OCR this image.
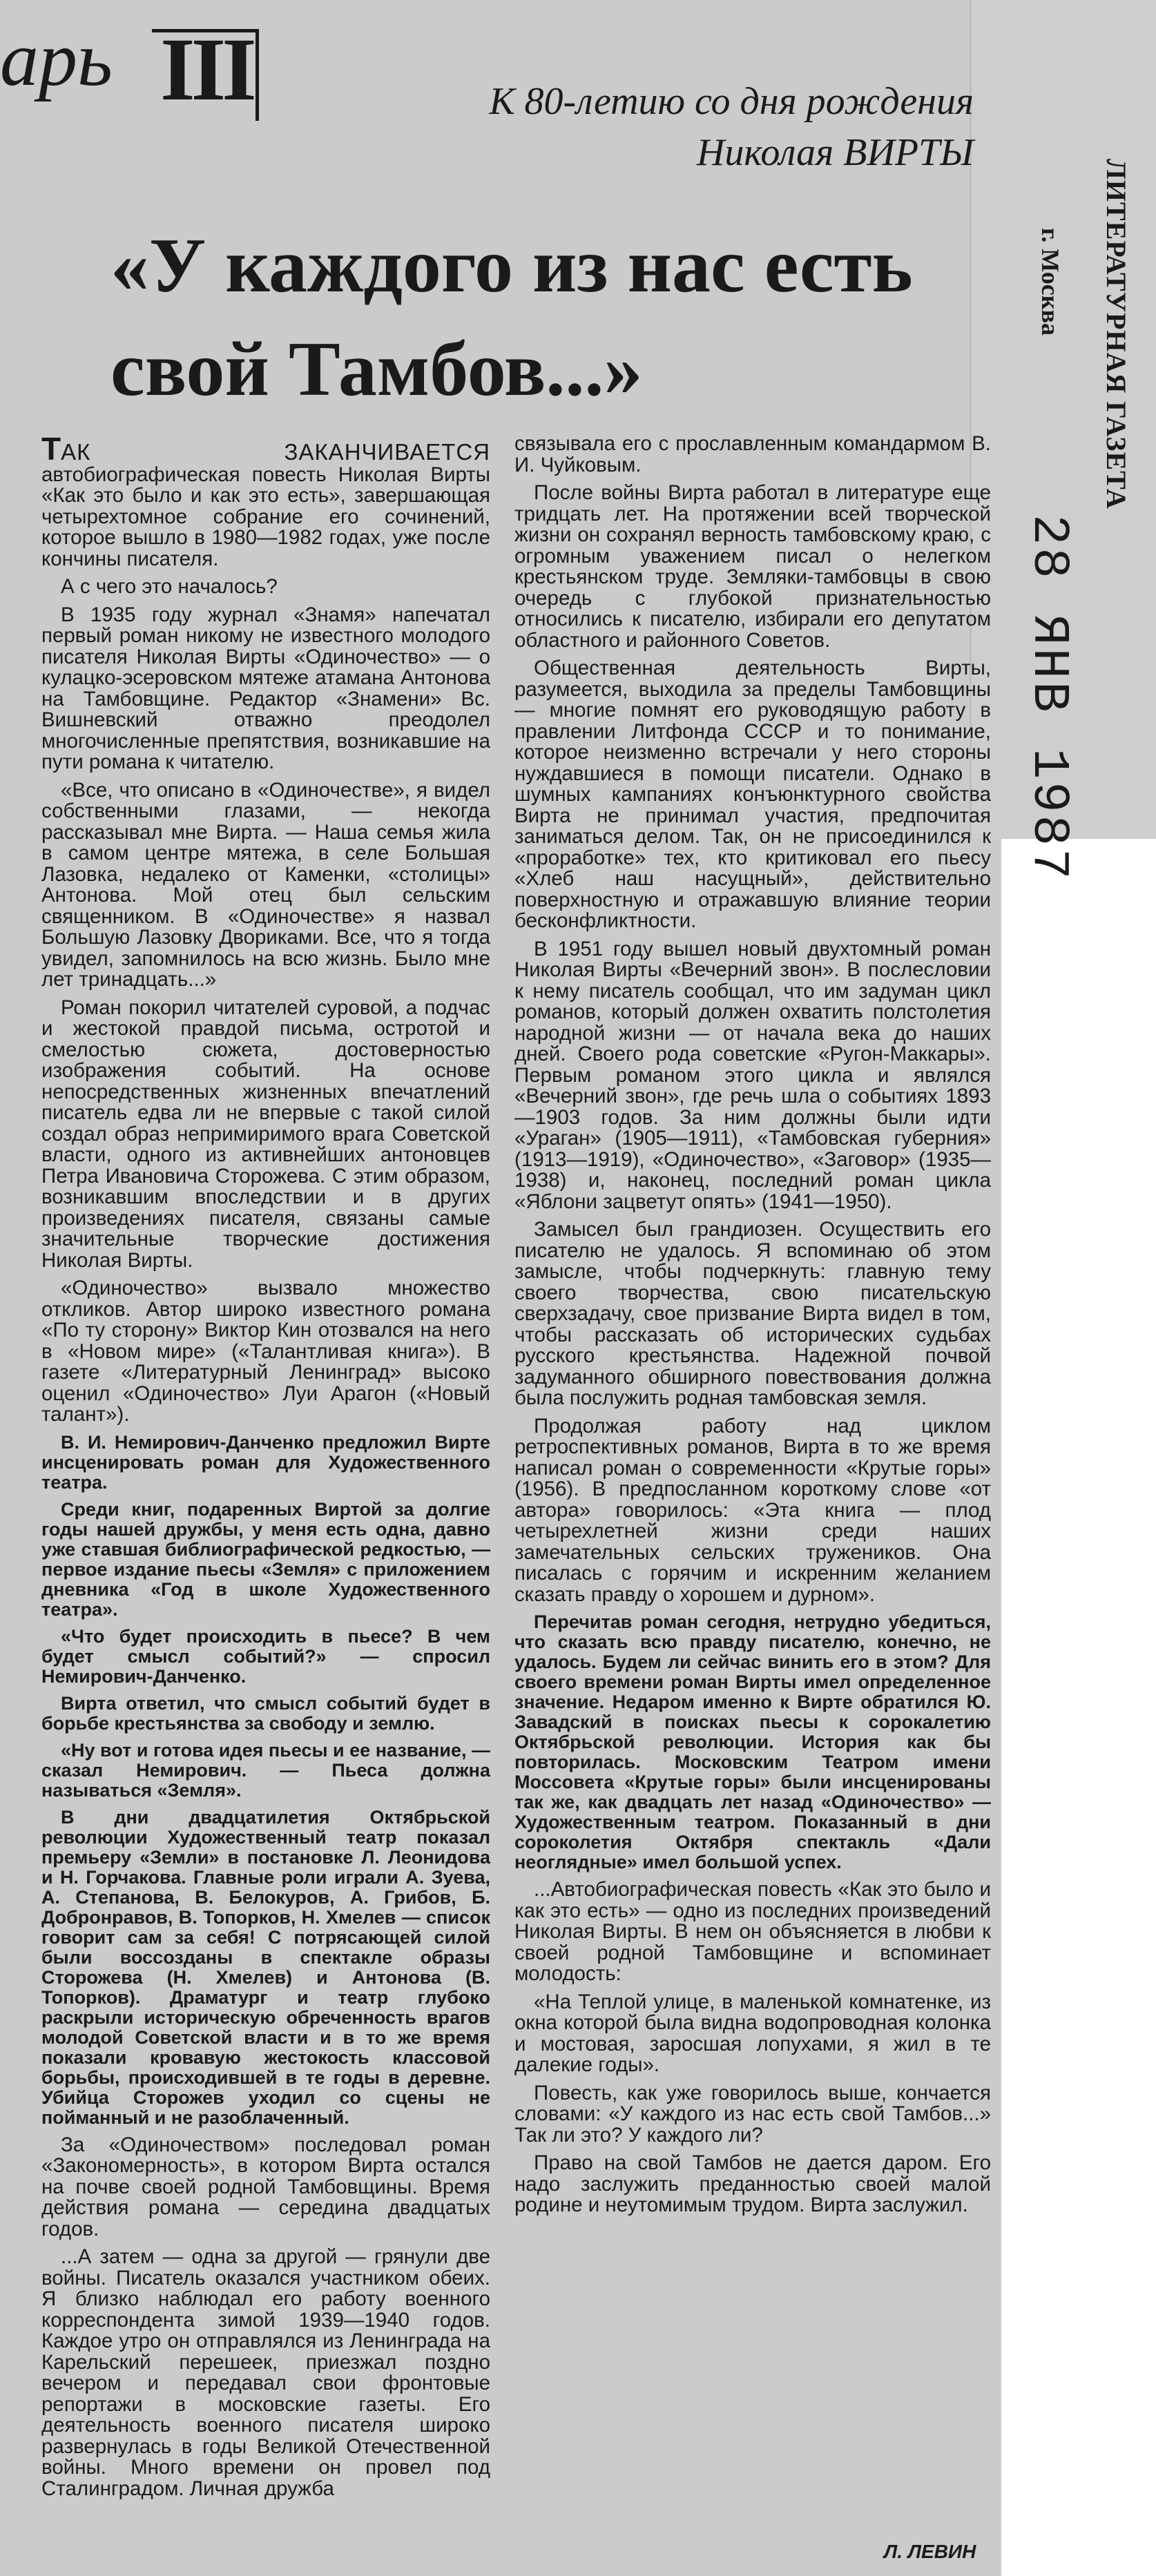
ЛИТЕРАТУРНАЯ ГАЗЕТА
г. Москва
28 ЯНВ 1987
арь III	К 80-летию со дня рождения Николая ВИРТЫ
«У каждого из нас есть свой Тамбов...»

ТАК ЗАКАНЧИВАЕТСЯ автобиографическая повесть Николая Вирты «Как это было и как это есть», завершающая четырехтомное собрание его сочинений, которое вышло в 1980—1982 годах, уже после кончины писателя.

А с чего это началось?

В 1935 году журнал «Знамя» напечатал первый роман никому не известного молодого писателя Николая Вирты «Одиночество» — о кулацко-эсеровском мятеже атамана Антонова на Тамбовщине. Редактор «Знамени» Вс. Вишневский отважно преодолел многочисленные препятствия, возникавшие на пути романа к читателю.

«Все, что описано в «Одиночестве», я видел собственными глазами, — некогда рассказывал мне Вирта. — Наша семья жила в самом центре мятежа, в селе Большая Лазовка, недалеко от Каменки, «столицы» Антонова. Мой отец был сельским священником. В «Одиночестве» я назвал Большую Лазовку Двориками. Все, что я тогда увидел, запомнилось на всю жизнь. Было мне лет тринадцать...»

Роман покорил читателей суровой, а подчас и жестокой правдой письма, остротой и смелостью сюжета, достоверностью изображения событий. На основе непосредственных жизненных впечатлений писатель едва ли не впервые с такой силой создал образ непримиримого врага Советской власти, одного из активнейших антоновцев Петра Ивановича Сторожева. С этим образом, возникавшим впоследствии и в других произведениях писателя, связаны самые значительные творческие достижения Николая Вирты.

«Одиночество» вызвало множество откликов. Автор широко известного романа «По ту сторону» Виктор Кин отозвался на него в «Новом мире» («Талантливая книга»). В газете «Литературный Ленинград» высоко оценил «Одиночество» Луи Арагон («Новый талант»).

В. И. Немирович-Данченко предложил Вирте инсценировать роман для Художественного театра.

Среди книг, подаренных Виртой за долгие годы нашей дружбы, у меня есть одна, давно уже ставшая библиографической редкостью, — первое издание пьесы «Земля» с приложением дневника «Год в школе Художественного театра».

«Что будет происходить в пьесе? В чем будет смысл событий?» — спросил Немирович-Данченко.

Вирта ответил, что смысл событий будет в борьбе крестьянства за свободу и землю.

«Ну вот и готова идея пьесы и ее название, — сказал Немирович. — Пьеса должна называться «Земля».

В дни двадцатилетия Октябрьской революции Художественный театр показал премьеру «Земли» в постановке Л. Леонидова и Н. Горчакова. Главные роли играли А. Зуева, А. Степанова, В. Белокуров, А. Грибов, Б. Добронравов, В. Топорков, Н. Хмелев — список говорит сам за себя! С потрясающей силой были воссозданы в спектакле образы Сторожева (Н. Хмелев) и Антонова (В. Топорков). Драматург и театр глубоко раскрыли историческую обреченность врагов молодой Советской власти и в то же время показали кровавую жестокость классовой борьбы, происходившей в те годы в деревне. Убийца Сторожев уходил со сцены не пойманный и не разоблаченный.

За «Одиночеством» последовал роман «Закономерность», в котором Вирта остался на почве своей родной Тамбовщины. Время действия романа — середина двадцатых годов.

...А затем — одна за другой — грянули две войны. Писатель оказался участником обеих. Я близко наблюдал его работу военного корреспондента зимой 1939—1940 годов. Каждое утро он отправлялся из Ленинграда на Карельский перешеек, приезжал поздно вечером и передавал свои фронтовые репортажи в московские газеты. Его деятельность военного писателя широко развернулась в годы Великой Отечественной войны. Много времени он провел под Сталинградом. Личная дружба

связывала его с прославленным командармом В. И. Чуйковым.

После войны Вирта работал в литературе еще тридцать лет. На протяжении всей творческой жизни он сохранял верность тамбовскому краю, с огромным уважением писал о нелегком крестьянском труде. Земляки-тамбовцы в свою очередь с глубокой признательностью относились к писателю, избирали его депутатом областного и районного Советов.

Общественная деятельность Вирты, разумеется, выходила за пределы Тамбовщины — многие помнят его руководящую работу в правлении Литфонда СССР и то понимание, которое неизменно встречали у него стороны нуждавшиеся в помощи писатели. Однако в шумных кампаниях конъюнктурного свойства Вирта не принимал участия, предпочитая заниматься делом. Так, он не присоединился к «проработке» тех, кто критиковал его пьесу «Хлеб наш насущный», действительно поверхностную и отражавшую влияние теории бесконфликтности.

В 1951 году вышел новый двухтомный роман Николая Вирты «Вечерний звон». В послесловии к нему писатель сообщал, что им задуман цикл романов, который должен охватить полстолетия народной жизни — от начала века до наших дней. Своего рода советские «Ругон-Маккары». Первым романом этого цикла и являлся «Вечерний звон», где речь шла о событиях 1893—1903 годов. За ним должны были идти «Ураган» (1905—1911), «Тамбовская губерния» (1913—1919), «Одиночество», «Заговор» (1935—1938) и, наконец, последний роман цикла «Яблони зацветут опять» (1941—1950).

Замысел был грандиозен. Осуществить его писателю не удалось. Я вспоминаю об этом замысле, чтобы подчеркнуть: главную тему своего творчества, свою писательскую сверхзадачу, свое призвание Вирта видел в том, чтобы рассказать об исторических судьбах русского крестьянства. Надежной почвой задуманного обширного повествования должна была послужить родная тамбовская земля.

Продолжая работу над циклом ретроспективных романов, Вирта в то же время написал роман о современности «Крутые горы» (1956). В предпосланном короткому слове «от автора» говорилось: «Эта книга — плод четырехлетней жизни среди наших замечательных сельских тружеников. Она писалась с горячим и искренним желанием сказать правду о хорошем и дурном».

Перечитав роман сегодня, нетрудно убедиться, что сказать всю правду писателю, конечно, не удалось. Будем ли сейчас винить его в этом? Для своего времени роман Вирты имел определенное значение. Недаром именно к Вирте обратился Ю. Завадский в поисках пьесы к сорокалетию Октябрьской революции. История как бы повторилась. Московским Театром имени Моссовета «Крутые горы» были инсценированы так же, как двадцать лет назад «Одиночество» — Художественным театром. Показанный в дни сороколетия Октября спектакль «Дали неоглядные» имел большой успех.

...Автобиографическая повесть «Как это было и как это есть» — одно из последних произведений Николая Вирты. В нем он объясняется в любви к своей родной Тамбовщине и вспоминает молодость:

«На Теплой улице, в маленькой комнатенке, из окна которой была видна водопроводная колонка и мостовая, заросшая лопухами, я жил в те далекие годы».

Повесть, как уже говорилось выше, кончается словами: «У каждого из нас есть свой Тамбов...» Так ли это? У каждого ли?

Право на свой Тамбов не дается даром. Его надо заслужить преданностью своей малой родине и неутомимым трудом. Вирта заслужил.

Л. ЛЕВИН
